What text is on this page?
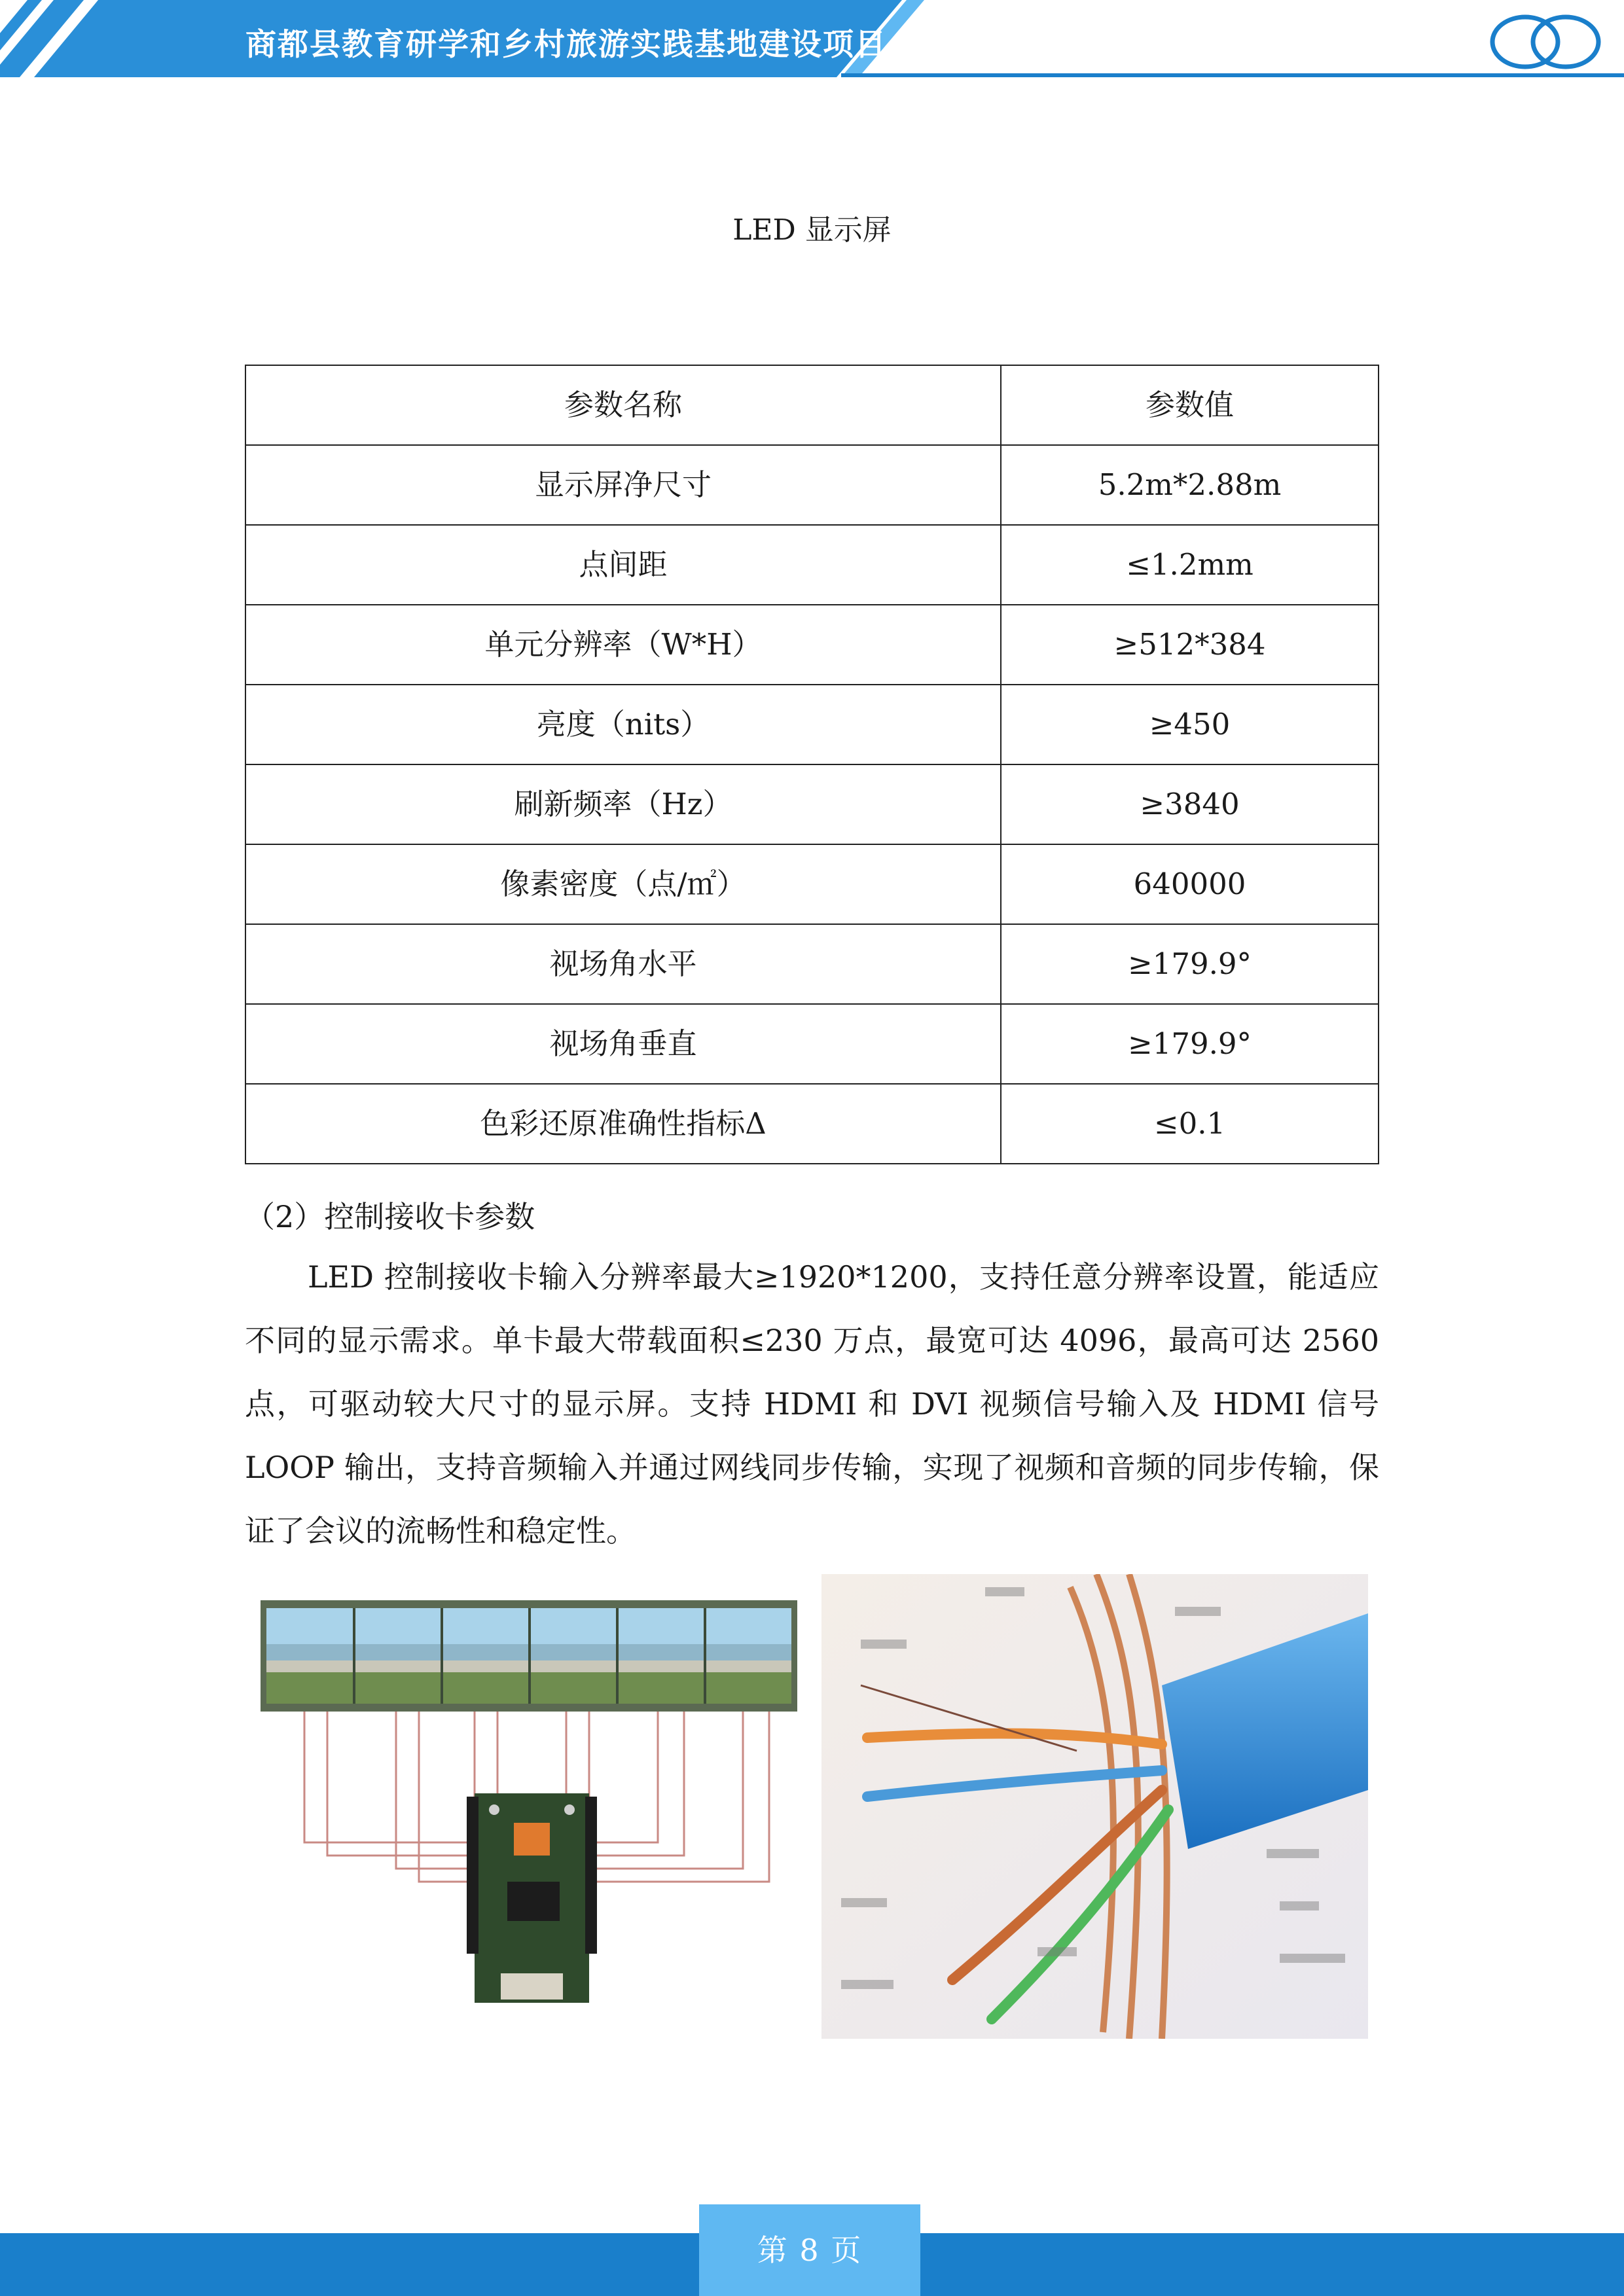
商都县教育研学和乡村旅游实践基地建设项目
LED 显示屏
参数名称	参数值
显示屏净尺寸	5.2m*2.88m
点间距	≤1.2mm
单元分辨率（W*H）	≥512*384
亮度（nits）	≥450
刷新频率（Hz）	≥3840
像素密度（点/㎡）	640000
视场角水平	≥179.9°
视场角垂直	≥179.9°
色彩还原准确性指标Δ	≤0.1
（2）控制接收卡参数

LED 控制接收卡输入分辨率最大≥1920*1200，支持任意分辨率设置，能适应不同的显示需求。单卡最大带载面积≤230 万点，最宽可达 4096，最高可达 2560 点，可驱动较大尺寸的显示屏。支持 HDMI 和 DVI 视频信号输入及 HDMI 信号 LOOP 输出，支持音频输入并通过网线同步传输，实现了视频和音频的同步传输，保证了会议的流畅性和稳定性。

第 8 页
